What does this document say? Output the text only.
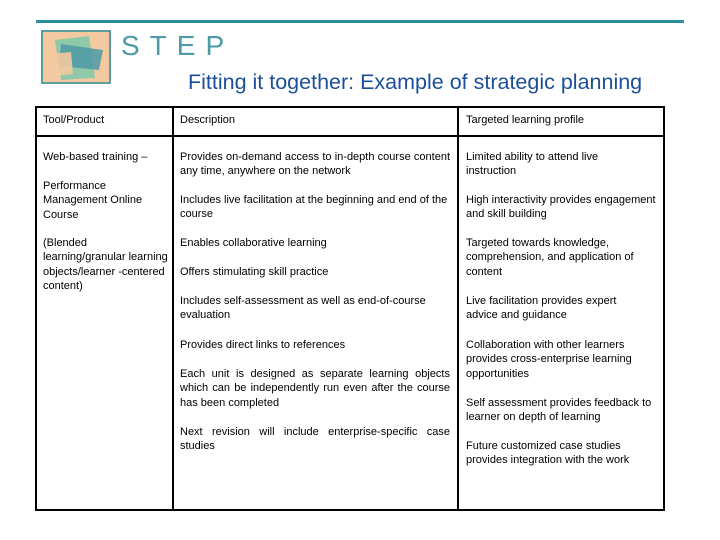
STEP
Fitting it together: Example of strategic planning
Tool/Product	Description	Targeted learning profile
Web-based training –
Performance Management Online Course
(Blended learning/granular learning objects/learner -centered content)
Provides on-demand access to in-depth course content any time, anywhere on the network
Includes live facilitation at the beginning and end of the course
Enables collaborative learning
Offers stimulating skill practice
Includes self-assessment as well as end-of-course evaluation
Provides direct links to references
Each unit is designed as separate learning objects which can be independently run even after the course has been completed
Next revision will include enterprise-specific case studies
Limited ability to attend live instruction
High interactivity provides engagement and skill building
Targeted towards knowledge, comprehension, and application of content
Live facilitation provides expert advice and guidance
Collaboration with other learners provides cross-enterprise learning opportunities
Self assessment provides feedback to learner on depth of learning
Future customized case studies provides integration with the work
